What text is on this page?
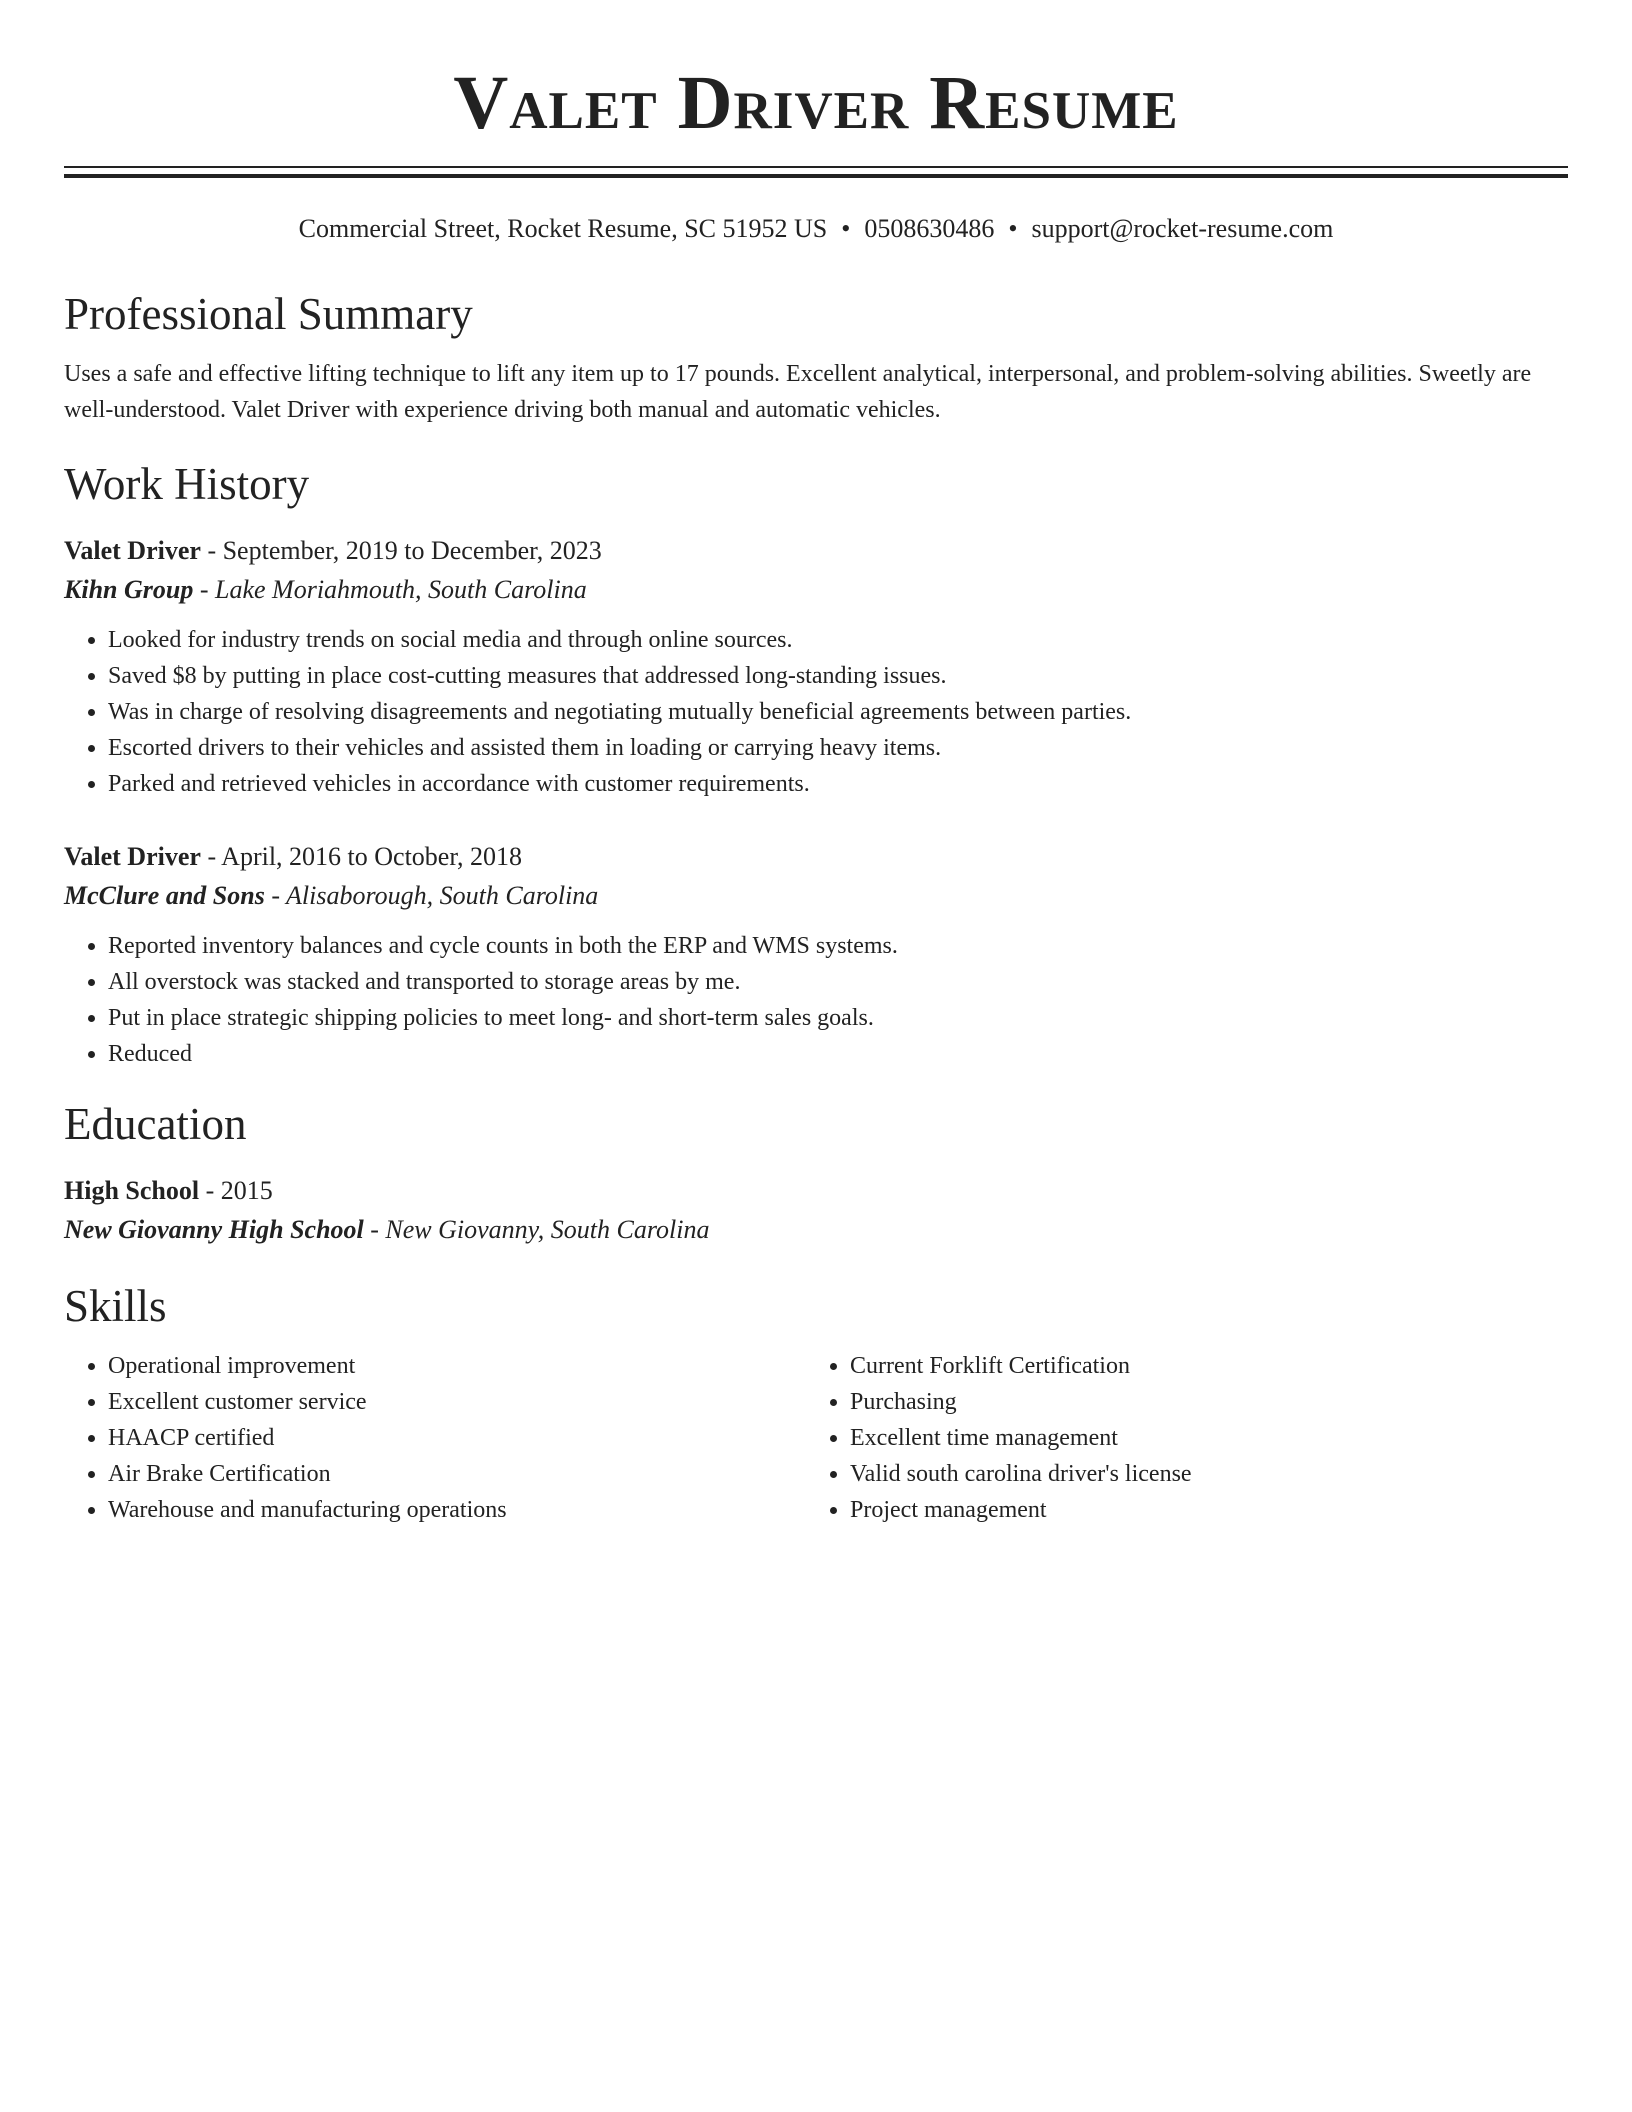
Valet Driver Resume
Commercial Street, Rocket Resume, SC 51952 US • 0508630486 • support@rocket-resume.com
Professional Summary

Uses a safe and effective lifting technique to lift any item up to 17 pounds. Excellent analytical, interpersonal, and problem-solving abilities. Sweetly are well-understood. Valet Driver with experience driving both manual and automatic vehicles.

Work History
Valet Driver - September, 2019 to December, 2023
Kihn Group - Lake Moriahmouth, South Carolina
• Looked for industry trends on social media and through online sources.
• Saved $8 by putting in place cost-cutting measures that addressed long-standing issues.
• Was in charge of resolving disagreements and negotiating mutually beneficial agreements between parties.
• Escorted drivers to their vehicles and assisted them in loading or carrying heavy items.
• Parked and retrieved vehicles in accordance with customer requirements.
Valet Driver - April, 2016 to October, 2018
McClure and Sons - Alisaborough, South Carolina
• Reported inventory balances and cycle counts in both the ERP and WMS systems.
• All overstock was stacked and transported to storage areas by me.
• Put in place strategic shipping policies to meet long- and short-term sales goals.
• Reduced
Education
High School - 2015
New Giovanny High School - New Giovanny, South Carolina
Skills
• Operational improvement
• Excellent customer service
• HAACP certified
• Air Brake Certification
• Warehouse and manufacturing operations
• Current Forklift Certification
• Purchasing
• Excellent time management
• Valid south carolina driver's license
• Project management
